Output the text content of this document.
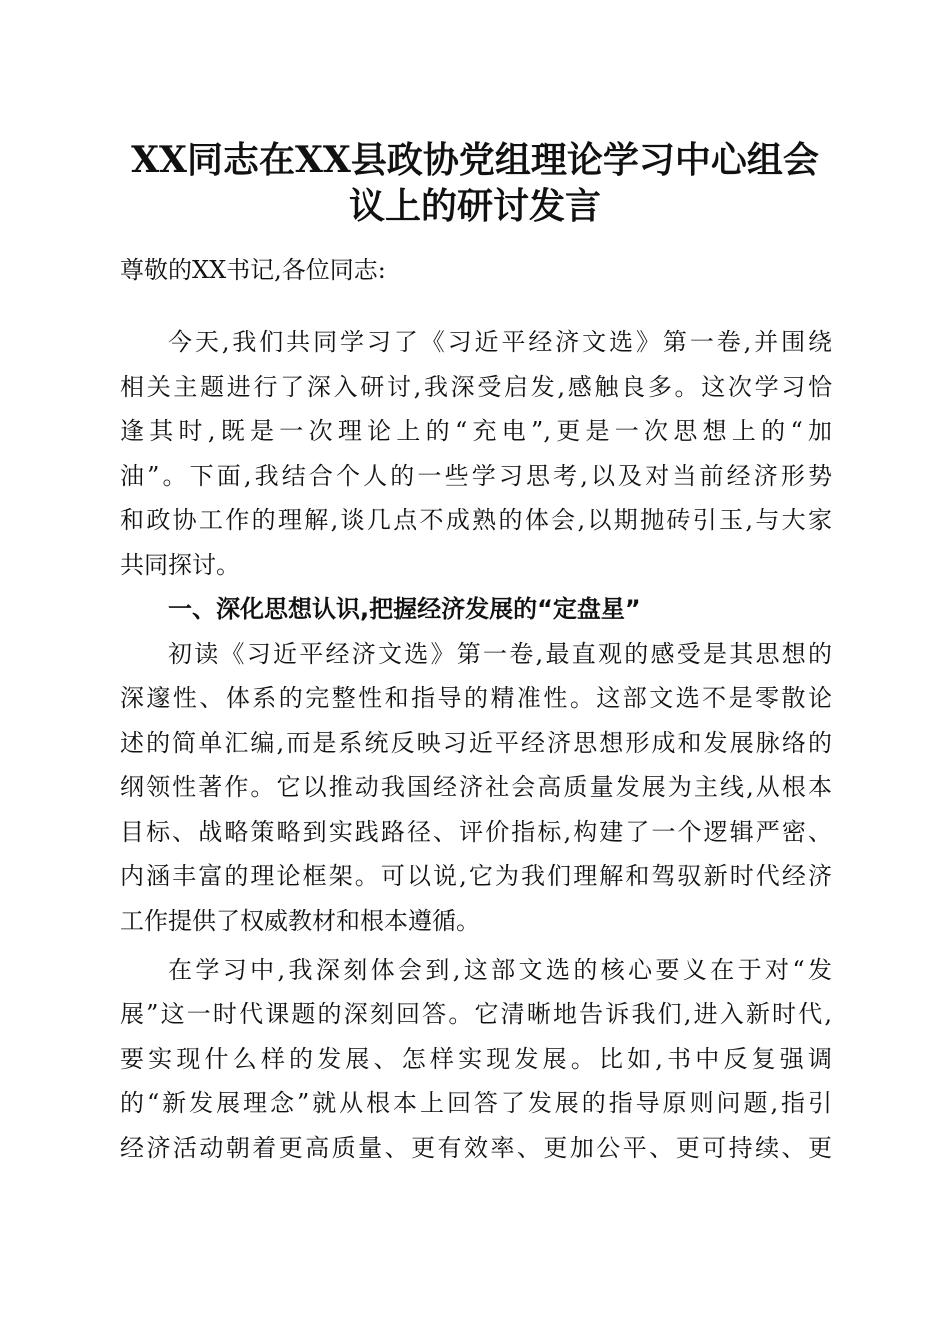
XX同志在XX县政协党组理论学习中心组会
议上的研讨发言
尊敬的XX书记,各位同志:
今天,我们共同学习了《习近平经济文选》第一卷,并围绕
相关主题进行了深入研讨,我深受启发,感触良多。这次学习恰
逢其时,既是一次理论上的“充电”,更是一次思想上的“加
油”。下面,我结合个人的一些学习思考,以及对当前经济形势
和政协工作的理解,谈几点不成熟的体会,以期抛砖引玉,与大家
共同探讨。
一、深化思想认识,把握经济发展的“定盘星”
初读《习近平经济文选》第一卷,最直观的感受是其思想的
深邃性、体系的完整性和指导的精准性。这部文选不是零散论
述的简单汇编,而是系统反映习近平经济思想形成和发展脉络的
纲领性著作。它以推动我国经济社会高质量发展为主线,从根本
目标、战略策略到实践路径、评价指标,构建了一个逻辑严密、
内涵丰富的理论框架。可以说,它为我们理解和驾驭新时代经济
工作提供了权威教材和根本遵循。
在学习中,我深刻体会到,这部文选的核心要义在于对“发
展”这一时代课题的深刻回答。它清晰地告诉我们,进入新时代,
要实现什么样的发展、怎样实现发展。比如,书中反复强调
的“新发展理念”就从根本上回答了发展的指导原则问题,指引
经济活动朝着更高质量、更有效率、更加公平、更可持续、更
